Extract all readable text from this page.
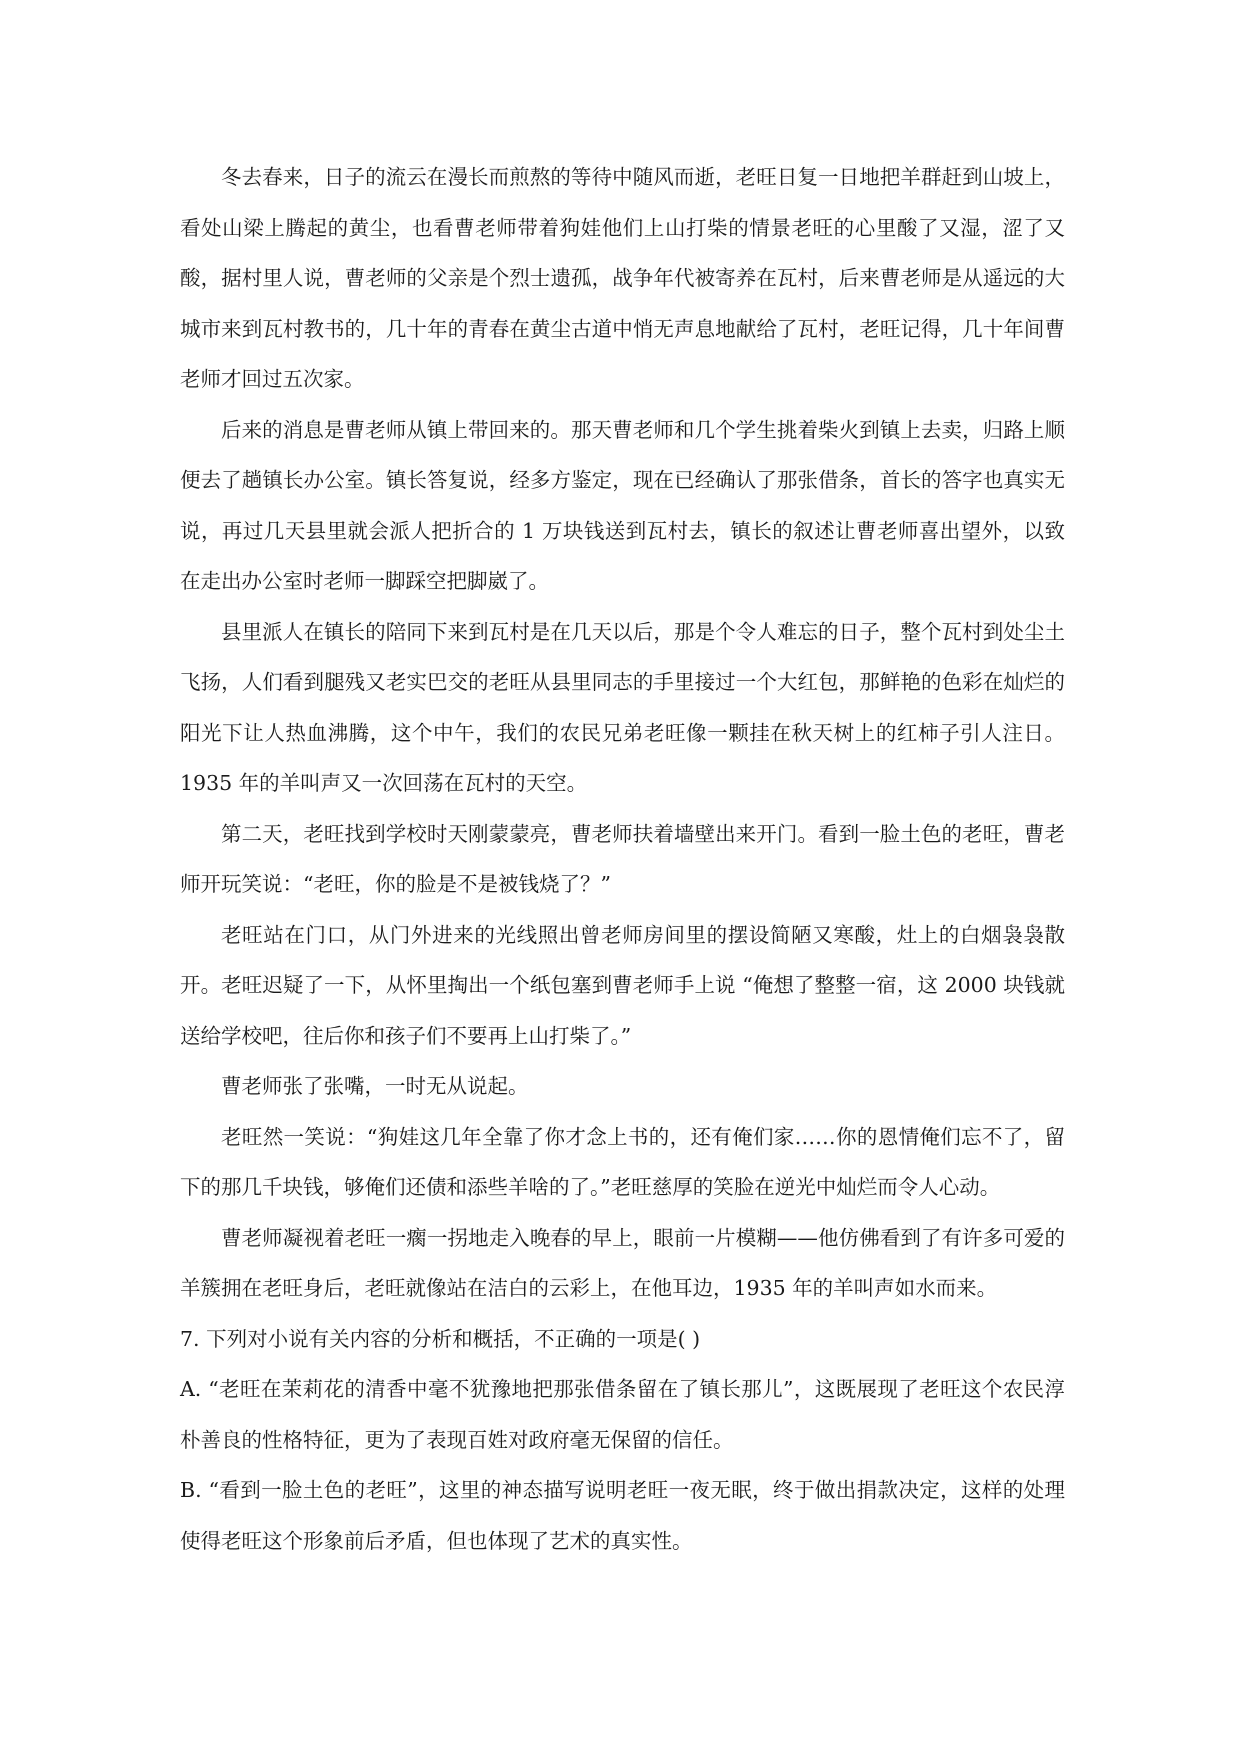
冬去春来，日子的流云在漫长而煎熬的等待中随风而逝，老旺日复一日地把羊群赶到山坡上，看处山梁上腾起的黄尘，也看曹老师带着狗娃他们上山打柴的情景老旺的心里酸了又湿，涩了又酸，据村里人说，曹老师的父亲是个烈士遗孤，战争年代被寄养在瓦村，后来曹老师是从遥远的大城市来到瓦村教书的，几十年的青春在黄尘古道中悄无声息地献给了瓦村，老旺记得，几十年间曹老师才回过五次家。

后来的消息是曹老师从镇上带回来的。那天曹老师和几个学生挑着柴火到镇上去卖，归路上顺便去了趟镇长办公室。镇长答复说，经多方鉴定，现在已经确认了那张借条，首长的答字也真实无说，再过几天县里就会派人把折合的 1 万块钱送到瓦村去，镇长的叙述让曹老师喜出望外，以致在走出办公室时老师一脚踩空把脚崴了。

县里派人在镇长的陪同下来到瓦村是在几天以后，那是个令人难忘的日子，整个瓦村到处尘土飞扬，人们看到腿残又老实巴交的老旺从县里同志的手里接过一个大红包，那鲜艳的色彩在灿烂的阳光下让人热血沸腾，这个中午，我们的农民兄弟老旺像一颗挂在秋天树上的红柿子引人注日。1935 年的羊叫声又一次回荡在瓦村的天空。

第二天，老旺找到学校时天刚蒙蒙亮，曹老师扶着墙壁出来开门。看到一脸土色的老旺，曹老师开玩笑说：“老旺，你的脸是不是被钱烧了？”

老旺站在门口，从门外进来的光线照出曾老师房间里的摆设简陋又寒酸，灶上的白烟袅袅散开。老旺迟疑了一下，从怀里掏出一个纸包塞到曹老师手上说 “俺想了整整一宿，这 2000 块钱就送给学校吧，往后你和孩子们不要再上山打柴了。”

曹老师张了张嘴，一时无从说起。

老旺然一笑说：“狗娃这几年全靠了你才念上书的，还有俺们家……你的恩情俺们忘不了，留下的那几千块钱，够俺们还债和添些羊啥的了。”老旺慈厚的笑脸在逆光中灿烂而令人心动。

曹老师凝视着老旺一瘸一拐地走入晚春的早上，眼前一片模糊——他仿佛看到了有许多可爱的羊簇拥在老旺身后，老旺就像站在洁白的云彩上，在他耳边，1935 年的羊叫声如水而来。

7. 下列对小说有关内容的分析和概括，不正确的一项是( )

A. “老旺在茉莉花的清香中毫不犹豫地把那张借条留在了镇长那儿”，这既展现了老旺这个农民淳朴善良的性格特征，更为了表现百姓对政府毫无保留的信任。

B. “看到一脸土色的老旺”，这里的神态描写说明老旺一夜无眠，终于做出捐款决定，这样的处理使得老旺这个形象前后矛盾，但也体现了艺术的真实性。
